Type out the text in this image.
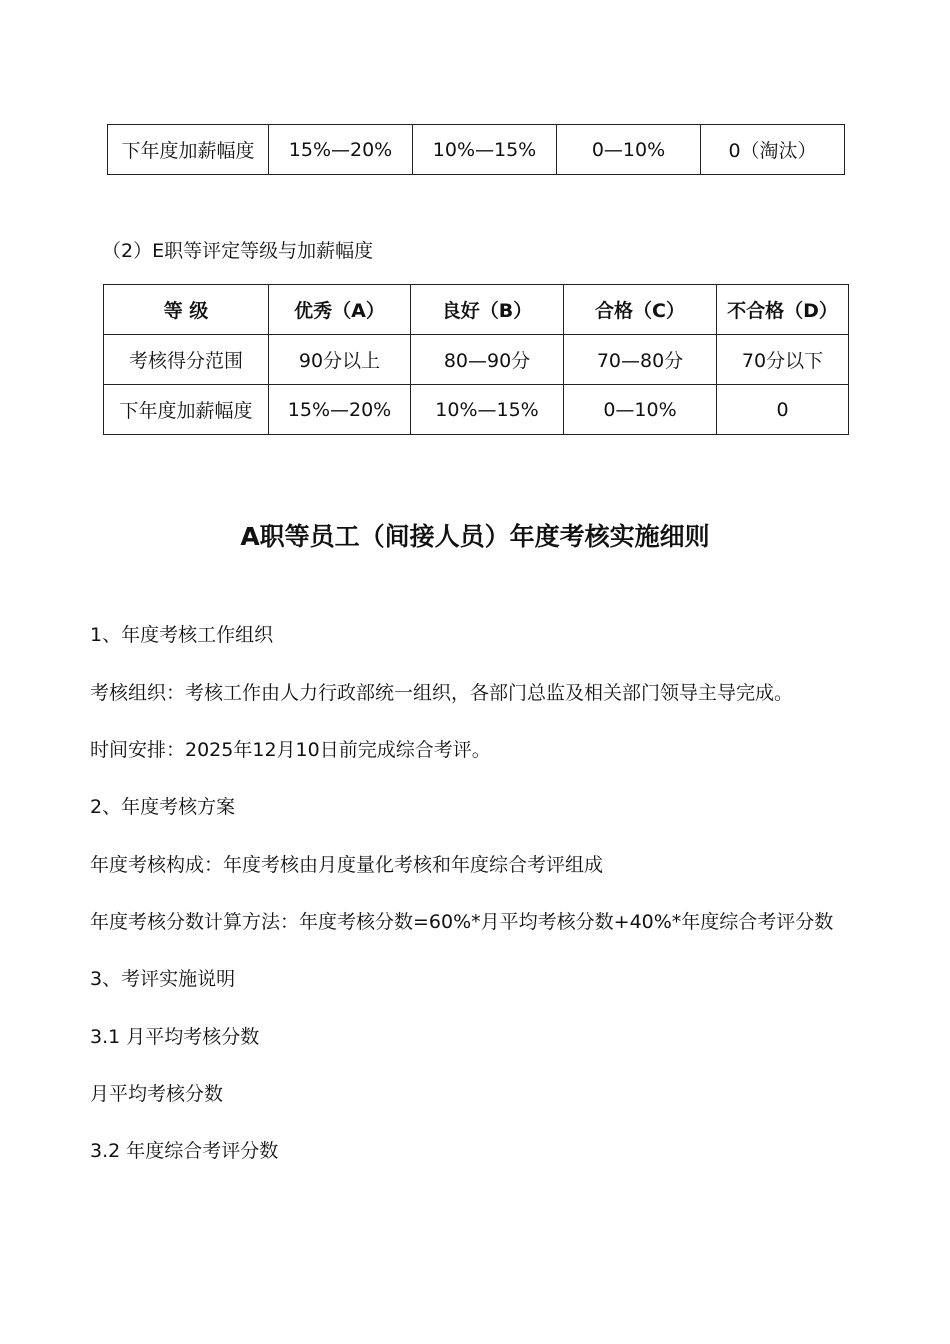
下年度加薪幅度	15%—20%	10%—15%	0—10%	0（淘汰）
（2）E职等评定等级与加薪幅度
等 级	优秀（A）	良好（B）	合格（C）	不合格（D）
考核得分范围	90分以上	80—90分	70—80分	70分以下
下年度加薪幅度	15%—20%	10%—15%	0—10%	0
A职等员工（间接人员）年度考核实施细则
1、年度考核工作组织
考核组织：考核工作由人力行政部统一组织，各部门总监及相关部门领导主导完成。
时间安排：2025年12月10日前完成综合考评。
2、年度考核方案
年度考核构成：年度考核由月度量化考核和年度综合考评组成
年度考核分数计算方法：年度考核分数=60%*月平均考核分数+40%*年度综合考评分数
3、考评实施说明
3.1 月平均考核分数
月平均考核分数
3.2 年度综合考评分数
